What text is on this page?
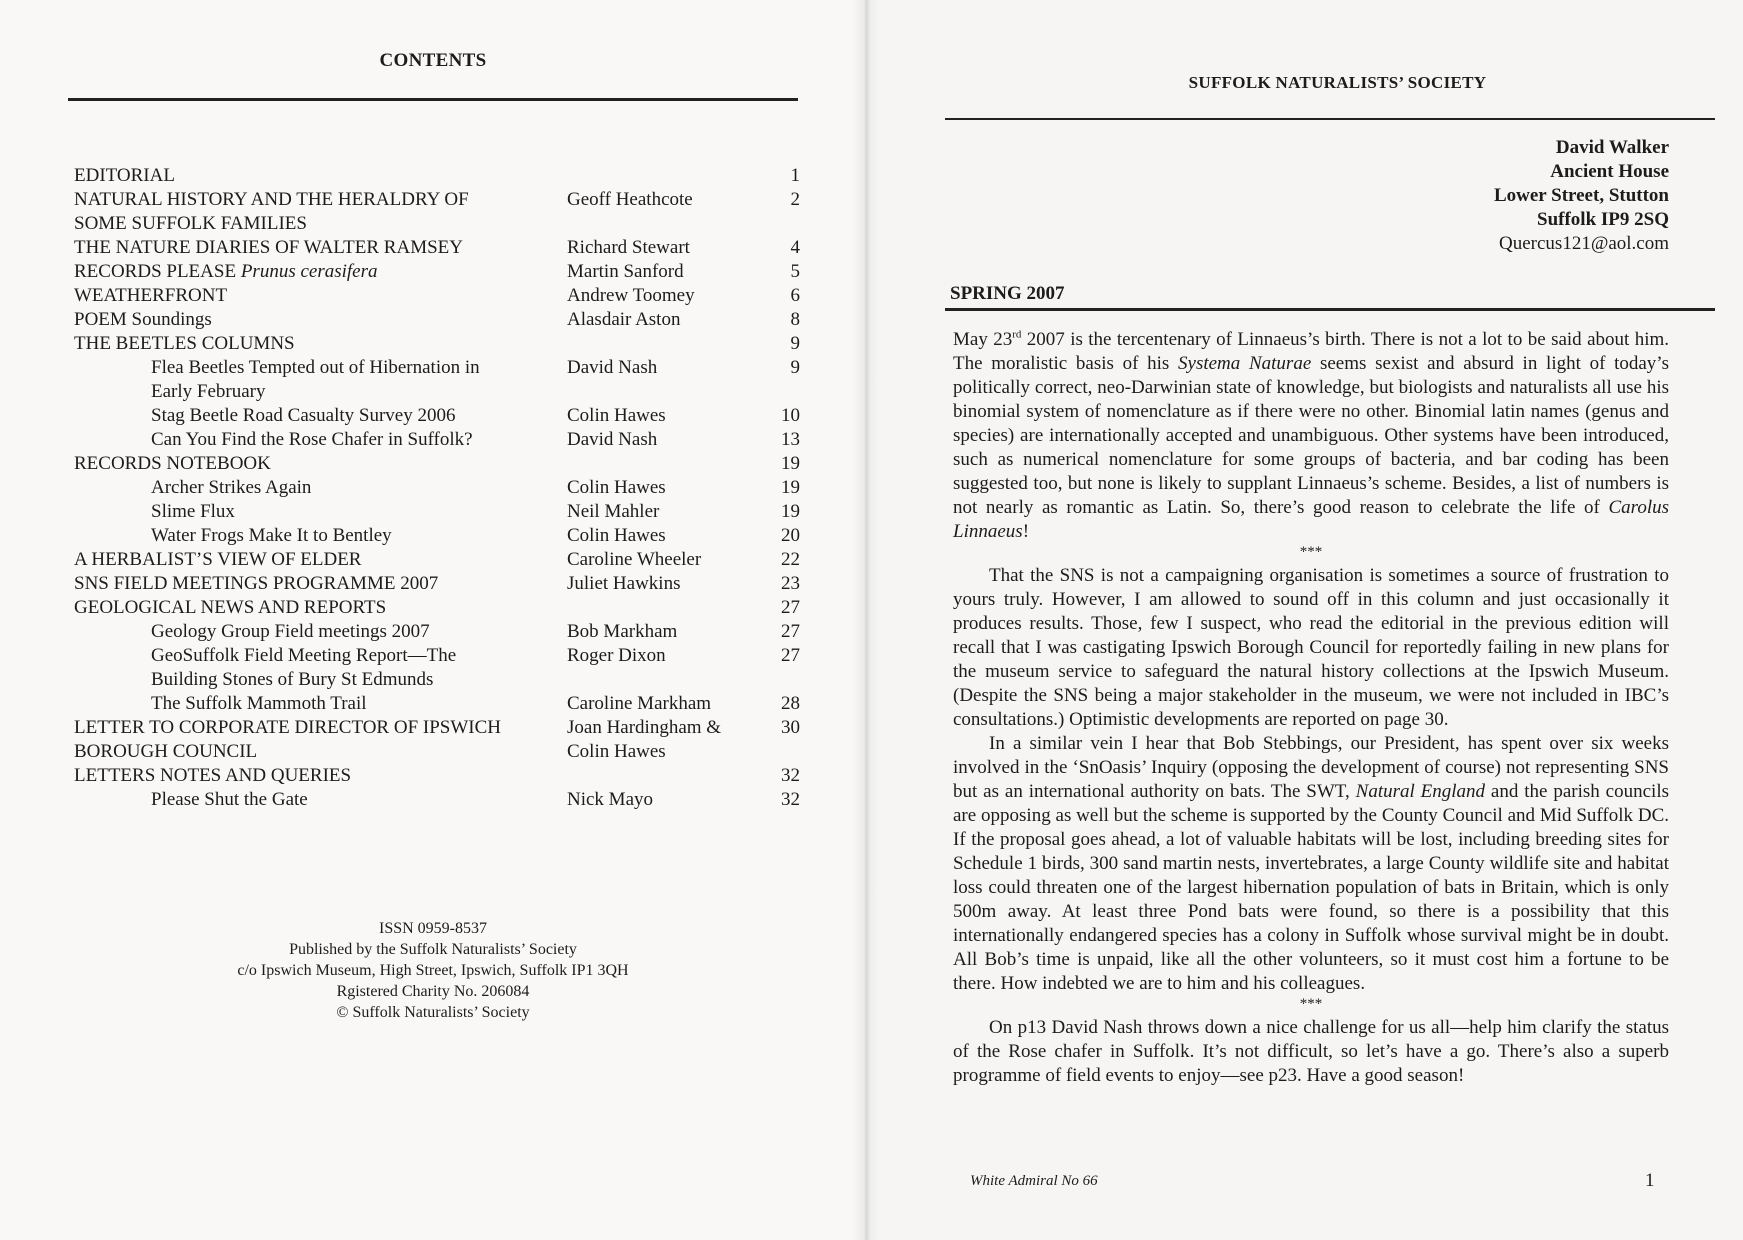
CONTENTS
EDITORIAL	1
NATURAL HISTORY AND THE HERALDRY OF	Geoff Heathcote	2
SOME SUFFOLK FAMILIES
THE NATURE DIARIES OF WALTER RAMSEY	Richard Stewart	4
RECORDS PLEASE Prunus cerasifera	Martin Sanford	5
WEATHERFRONT	Andrew Toomey	6
POEM Soundings	Alasdair Aston	8
THE BEETLES COLUMNS	9
Flea Beetles Tempted out of Hibernation in	David Nash	9
Early February
Stag Beetle Road Casualty Survey 2006	Colin Hawes	10
Can You Find the Rose Chafer in Suffolk?	David Nash	13
RECORDS NOTEBOOK	19
Archer Strikes Again	Colin Hawes	19
Slime Flux	Neil Mahler	19
Water Frogs Make It to Bentley	Colin Hawes	20
A HERBALIST’S VIEW OF ELDER	Caroline Wheeler	22
SNS FIELD MEETINGS PROGRAMME 2007	Juliet Hawkins	23
GEOLOGICAL NEWS AND REPORTS	27
Geology Group Field meetings 2007	Bob Markham	27
GeoSuffolk Field Meeting Report—The	Roger Dixon	27
Building Stones of Bury St Edmunds
The Suffolk Mammoth Trail	Caroline Markham	28
LETTER TO CORPORATE DIRECTOR OF IPSWICH	Joan Hardingham &	30
BOROUGH COUNCIL	Colin Hawes
LETTERS NOTES AND QUERIES	32
Please Shut the Gate	Nick Mayo	32
ISSN 0959-8537
Published by the Suffolk Naturalists’ Society
c/o Ipswich Museum, High Street, Ipswich, Suffolk IP1 3QH
Rgistered Charity No. 206084
© Suffolk Naturalists’ Society
SUFFOLK NATURALISTS’ SOCIETY
David Walker
Ancient House
Lower Street, Stutton
Suffolk IP9 2SQ
Quercus121@aol.com
SPRING 2007

May 23rd 2007 is the tercentenary of Linnaeus’s birth. There is not a lot to be said about him. The moralistic basis of his Systema Naturae seems sexist and absurd in light of today’s politically correct, neo-Darwinian state of knowledge, but biologists and naturalists all use his binomial system of nomenclature as if there were no other. Binomial latin names (genus and species) are internationally accepted and unambiguous. Other systems have been introduced, such as numerical nomenclature for some groups of bacteria, and bar coding has been suggested too, but none is likely to supplant Linnaeus’s scheme. Besides, a list of numbers is not nearly as romantic as Latin. So, there’s good reason to celebrate the life of Carolus Linnaeus!

***

That the SNS is not a campaigning organisation is sometimes a source of frustration to yours truly. However, I am allowed to sound off in this column and just occasionally it produces results. Those, few I suspect, who read the editorial in the previous edition will recall that I was castigating Ipswich Borough Council for reportedly failing in new plans for the museum service to safeguard the natural history collections at the Ipswich Museum. (Despite the SNS being a major stakeholder in the museum, we were not included in IBC’s consultations.) Optimistic developments are reported on page 30.

In a similar vein I hear that Bob Stebbings, our President, has spent over six weeks involved in the ‘SnOasis’ Inquiry (opposing the development of course) not representing SNS but as an international authority on bats. The SWT, Natural England and the parish councils are opposing as well but the scheme is supported by the County Council and Mid Suffolk DC. If the proposal goes ahead, a lot of valuable habitats will be lost, including breeding sites for Schedule 1 birds, 300 sand martin nests, invertebrates, a large County wildlife site and habitat loss could threaten one of the largest hibernation population of bats in Britain, which is only 500m away. At least three Pond bats were found, so there is a possibility that this internationally endangered species has a colony in Suffolk whose survival might be in doubt. All Bob’s time is unpaid, like all the other volunteers, so it must cost him a fortune to be there. How indebted we are to him and his colleagues.

***

On p13 David Nash throws down a nice challenge for us all—help him clarify the status of the Rose chafer in Suffolk. It’s not difficult, so let’s have a go. There’s also a superb programme of field events to enjoy—see p23. Have a good season!

White Admiral No 66	1
